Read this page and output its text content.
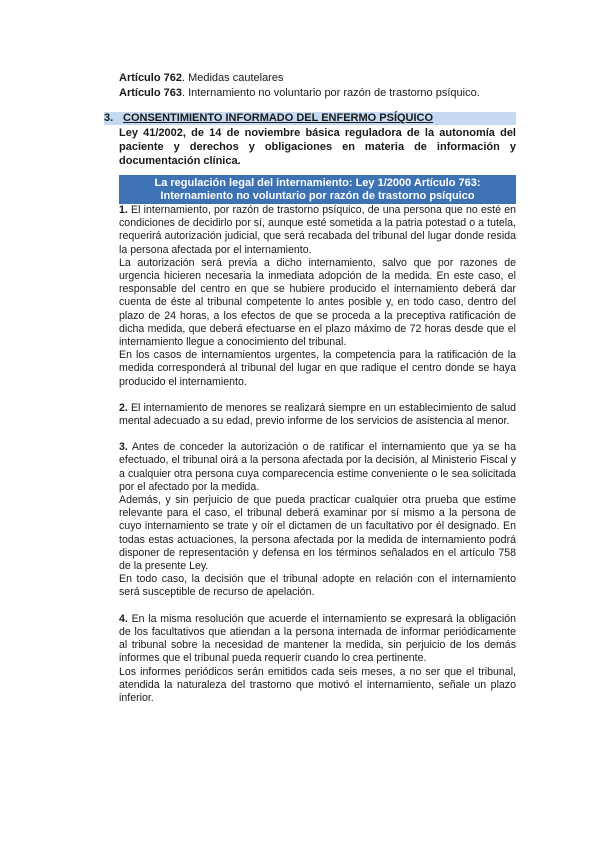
Artículo 762. Medidas cautelares
Artículo 763. Internamiento no voluntario por razón de trastorno psíquico.
3. CONSENTIMIENTO INFORMADO DEL ENFERMO PSÍQUICO
Ley 41/2002, de 14 de noviembre básica reguladora de la autonomía del paciente y derechos y obligaciones en materia de información y documentación clínica.
La regulación legal del internamiento: Ley 1/2000 Artículo 763:
Internamiento no voluntario por razón de trastorno psíquico
1. El internamiento, por razón de trastorno psíquico, de una persona que no esté en condiciones de decidirlo por sí, aunque esté sometida a la patria potestad o a tutela, requerirá autorización judicial, que será recabada del tribunal del lugar donde resida la persona afectada por el internamiento.
La autorización será previa a dicho internamiento, salvo que por razones de urgencia hicieren necesaria la inmediata adopción de la medida. En este caso, el responsable del centro en que se hubiere producido el internamiento deberá dar cuenta de éste al tribunal competente lo antes posible y, en todo caso, dentro del plazo de 24 horas, a los efectos de que se proceda a la preceptiva ratificación de dicha medida, que deberá efectuarse en el plazo máximo de 72 horas desde que el internamiento llegue a conocimiento del tribunal.
En los casos de internamientos urgentes, la competencia para la ratificación de la medida corresponderá al tribunal del lugar en que radique el centro donde se haya producido el internamiento.
2. El internamiento de menores se realizará siempre en un establecimiento de salud mental adecuado a su edad, previo informe de los servicios de asistencia al menor.
3. Antes de conceder la autorización o de ratificar el internamiento que ya se ha efectuado, el tribunal oirá a la persona afectada por la decisión, al Ministerio Fiscal y a cualquier otra persona cuya comparecencia estime conveniente o le sea solicitada por el afectado por la medida.
Además, y sin perjuicio de que pueda practicar cualquier otra prueba que estime relevante para el caso, el tribunal deberá examinar por sí mismo a la persona de cuyo internamiento se trate y oír el dictamen de un facultativo por él designado. En todas estas actuaciones, la persona afectada por la medida de internamiento podrá disponer de representación y defensa en los términos señalados en el artículo 758 de la presente Ley.
En todo caso, la decisión que el tribunal adopte en relación con el internamiento será susceptible de recurso de apelación.
4. En la misma resolución que acuerde el internamiento se expresará la obligación de los facultativos que atiendan a la persona internada de informar periódicamente al tribunal sobre la necesidad de mantener la medida, sin perjuicio de los demás informes que el tribunal pueda requerir cuando lo crea pertinente.
Los informes periódicos serán emitidos cada seis meses, a no ser que el tribunal, atendida la naturaleza del trastorno que motivó el internamiento, señale un plazo inferior.
